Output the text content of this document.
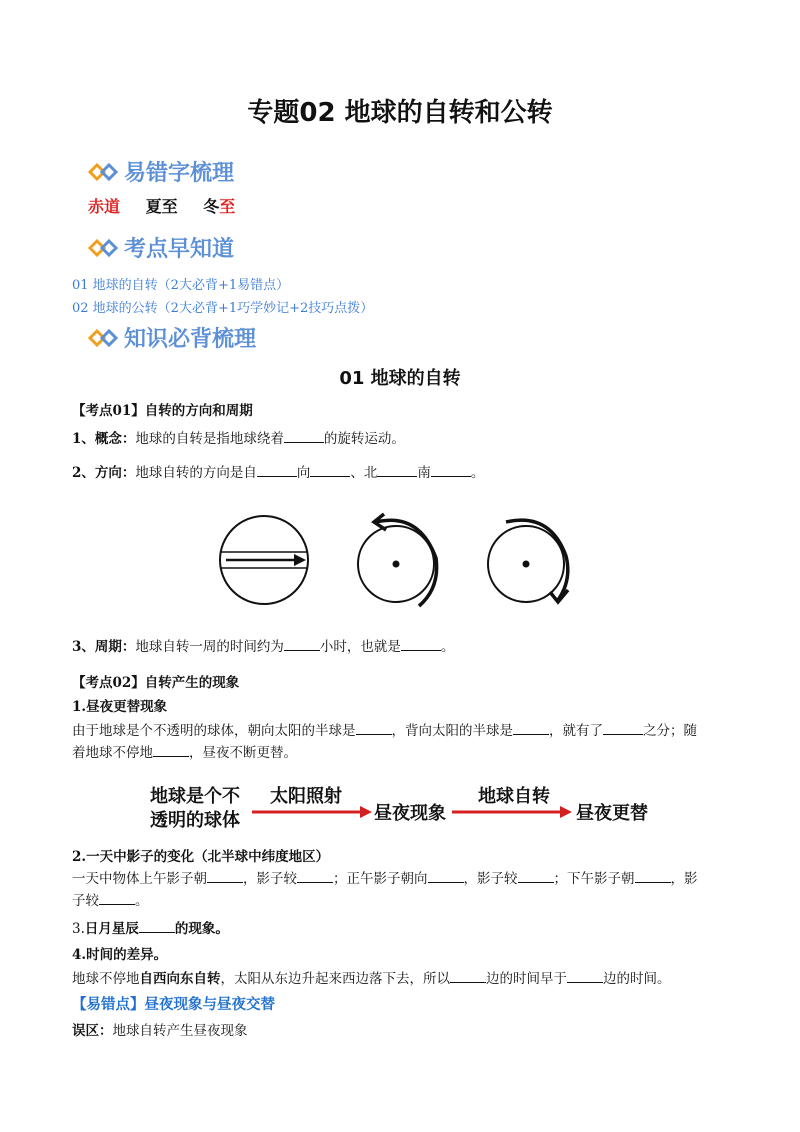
专题02 地球的自转和公转
易错字梳理
赤道 夏至 冬至
考点早知道
01 地球的自转（2大必背+1易错点）
02 地球的公转（2大必背+1巧学妙记+2技巧点拨）
知识必背梳理
01 地球的自转
【考点01】自转的方向和周期
1、概念：地球的自转是指地球绕着	的旋转运动。
2、方向：地球自转的方向是自	向	、北	南	。
3、周期：地球自转一周的时间约为	小时，也就是	。
【考点02】自转产生的现象
1.昼夜更替现象
由于地球是个不透明的球体，朝向太阳的半球是	，背向太阳的半球是	，就有了	之分；随
着地球不停地	，昼夜不断更替。
地球是个不
透明的球体
太阳照射
昼夜现象
地球自转
昼夜更替
2.一天中影子的变化（北半球中纬度地区）
一天中物体上午影子朝	，影子较	；正午影子朝向	，影子较	；下午影子朝	，影
子较	。
3.日月星辰	的现象。
4.时间的差异。
地球不停地自西向东自转，太阳从东边升起来西边落下去，所以	边的时间早于	边的时间。
【易错点】昼夜现象与昼夜交替
误区：地球自转产生昼夜现象
